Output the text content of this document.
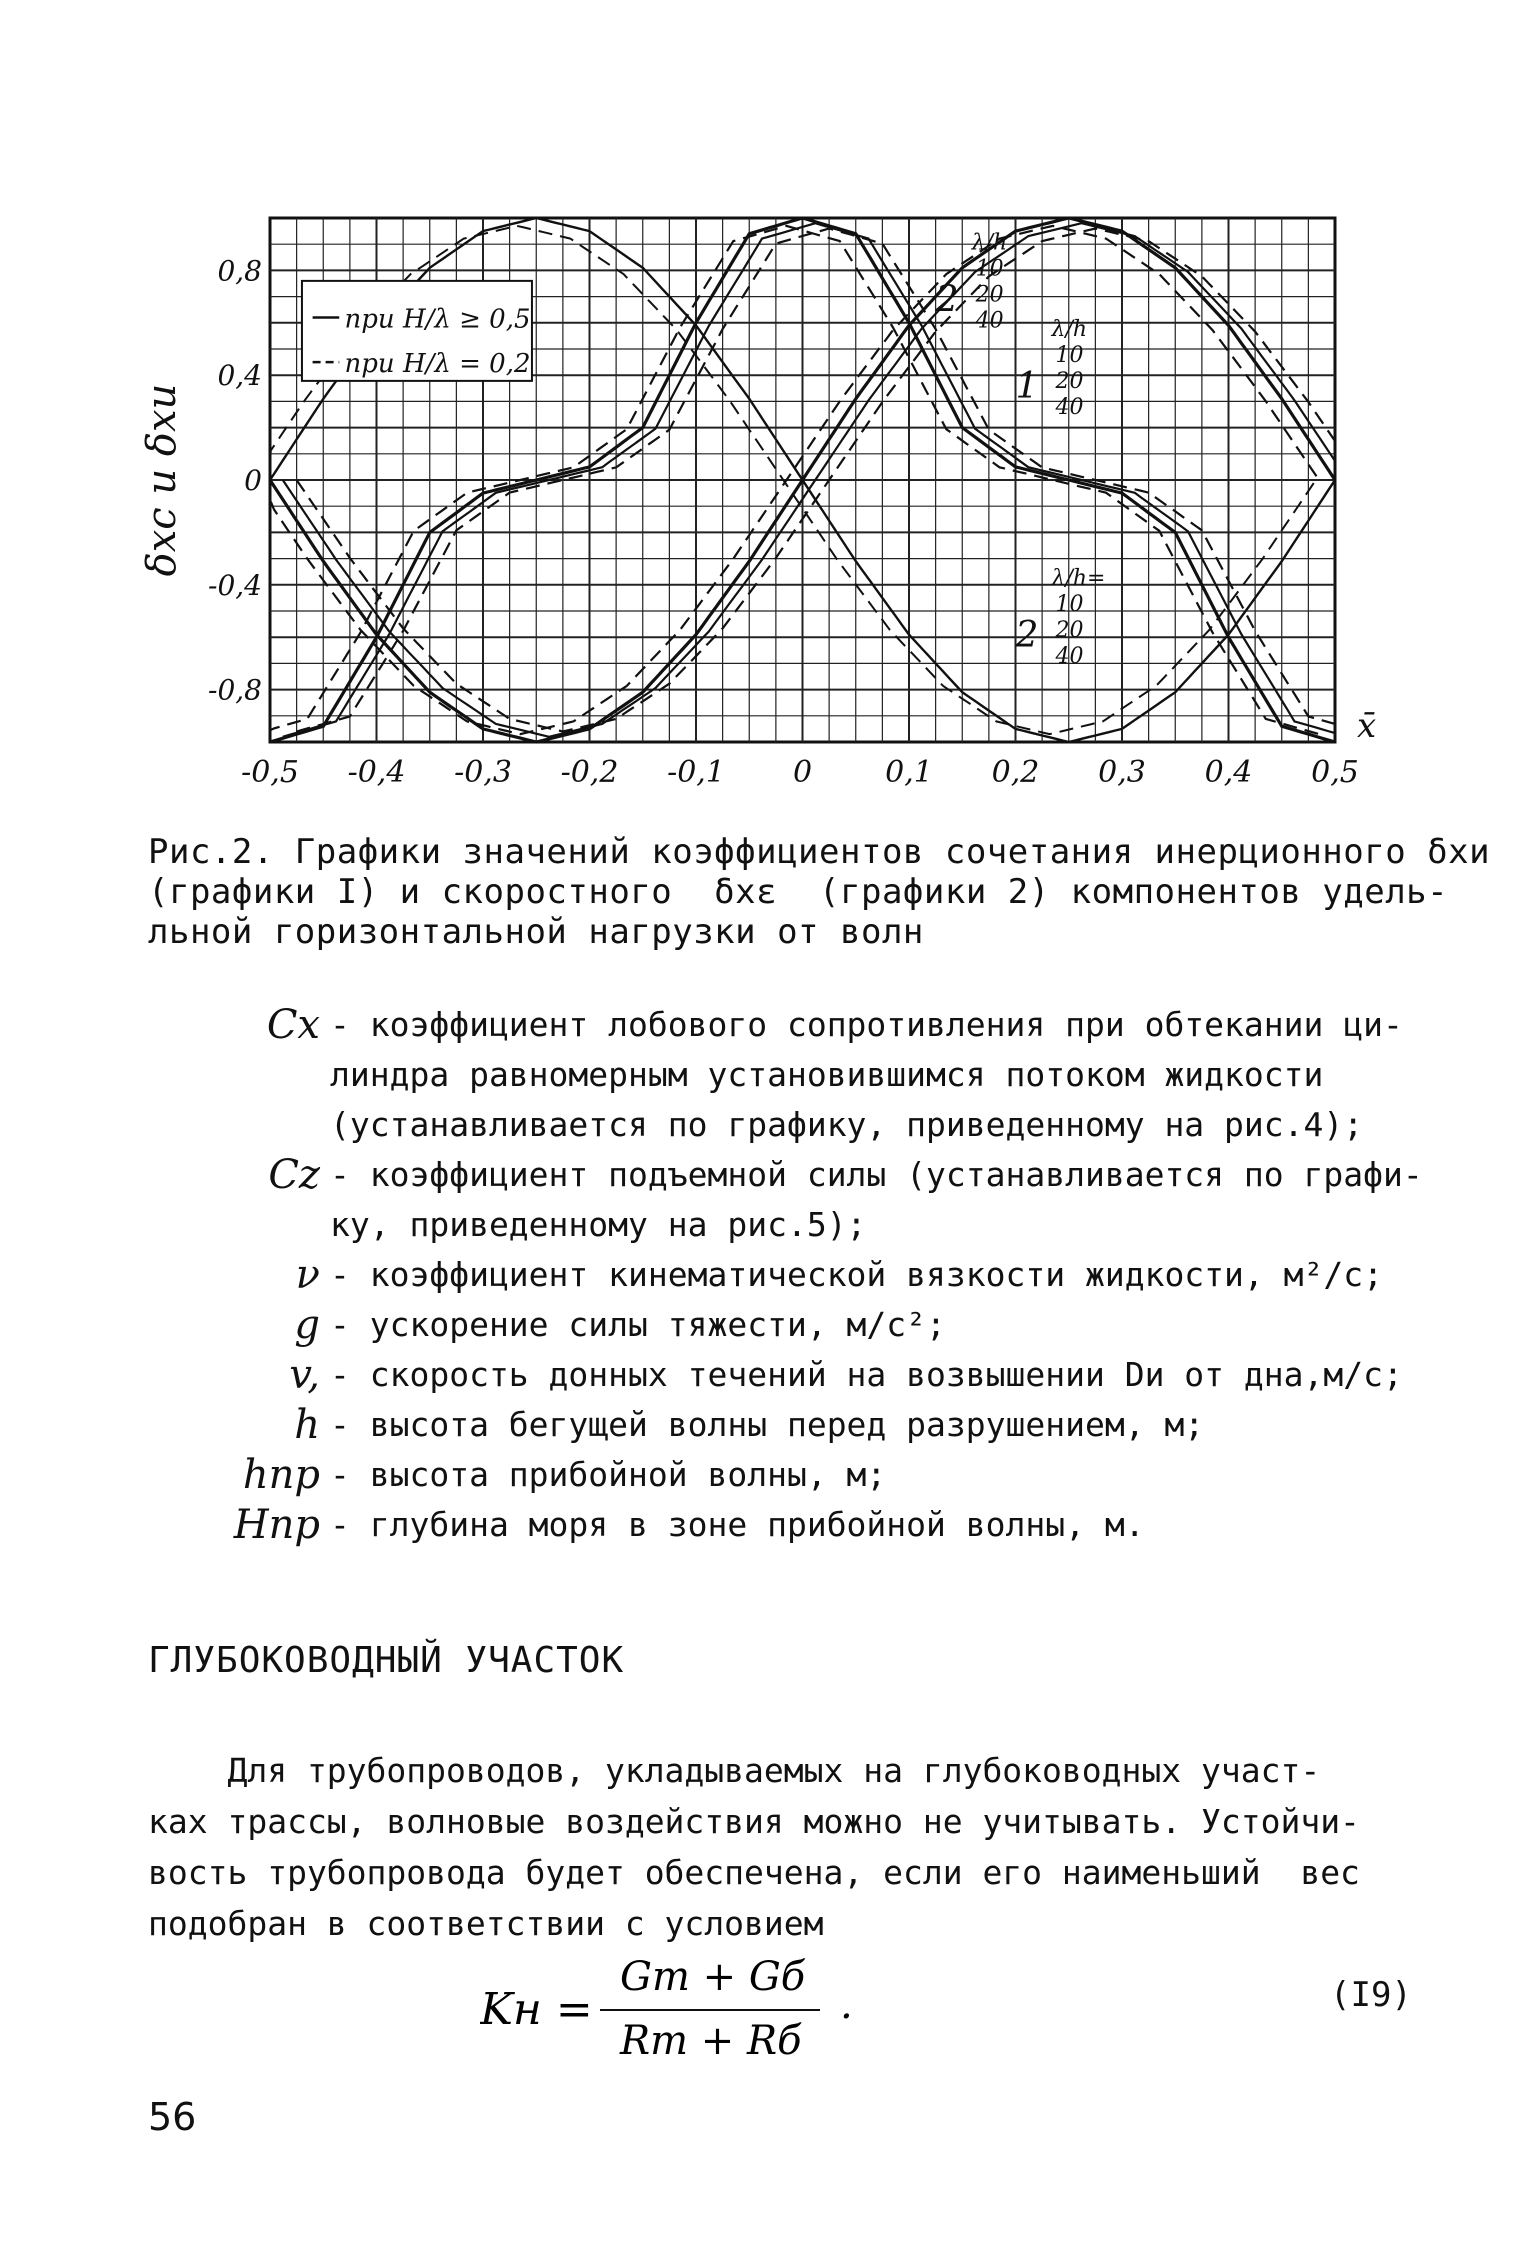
-0,5 -0,4 -0,3 -0,2 -0,1 0 0,1 0,2 0,3 0,4 0,5
0,8
0,4
0
-0,4
-0,8
x̄
δxc и δxu
при H/λ ≥ 0,5
при H/λ = 0,2
2
λ/h
10
20
40
1
λ/h
10
20
40
2
λ/h=
10
20
40
Рис.2. Графики значений коэффициентов сочетания инерционного δхи
(графики I) и скоростного  δхε  (графики 2) компонентов удель-
льной горизонтальной нагрузки от волн
Cx - коэффициент лобового сопротивления при обтекании ци-
линдра равномерным установившимся потоком жидкости
(устанавливается по графику, приведенному на рис.4);
Cz - коэффициент подъемной силы (устанавливается по графи-
ку, приведенному на рис.5);
ν - коэффициент кинематической вязкости жидкости, м²/с;
g - ускорение силы тяжести, м/с²;
v, - скорость донных течений на возвышении Dи от дна,м/с;
h - высота бегущей волны перед разрушением, м;
hпр - высота прибойной волны, м;
Hпр - глубина моря в зоне прибойной волны, м.
ГЛУБОКОВОДНЫЙ УЧАСТОК
Для трубопроводов, укладываемых на глубоководных участ-
ках трассы, волновые воздействия можно не учитывать. Устойчи-
вость трубопровода будет обеспечена, если его наименьший  вес
подобран в соответствии с условием
Kн =
Gт + Gб
Rт + Rб
.	(I9)
56
